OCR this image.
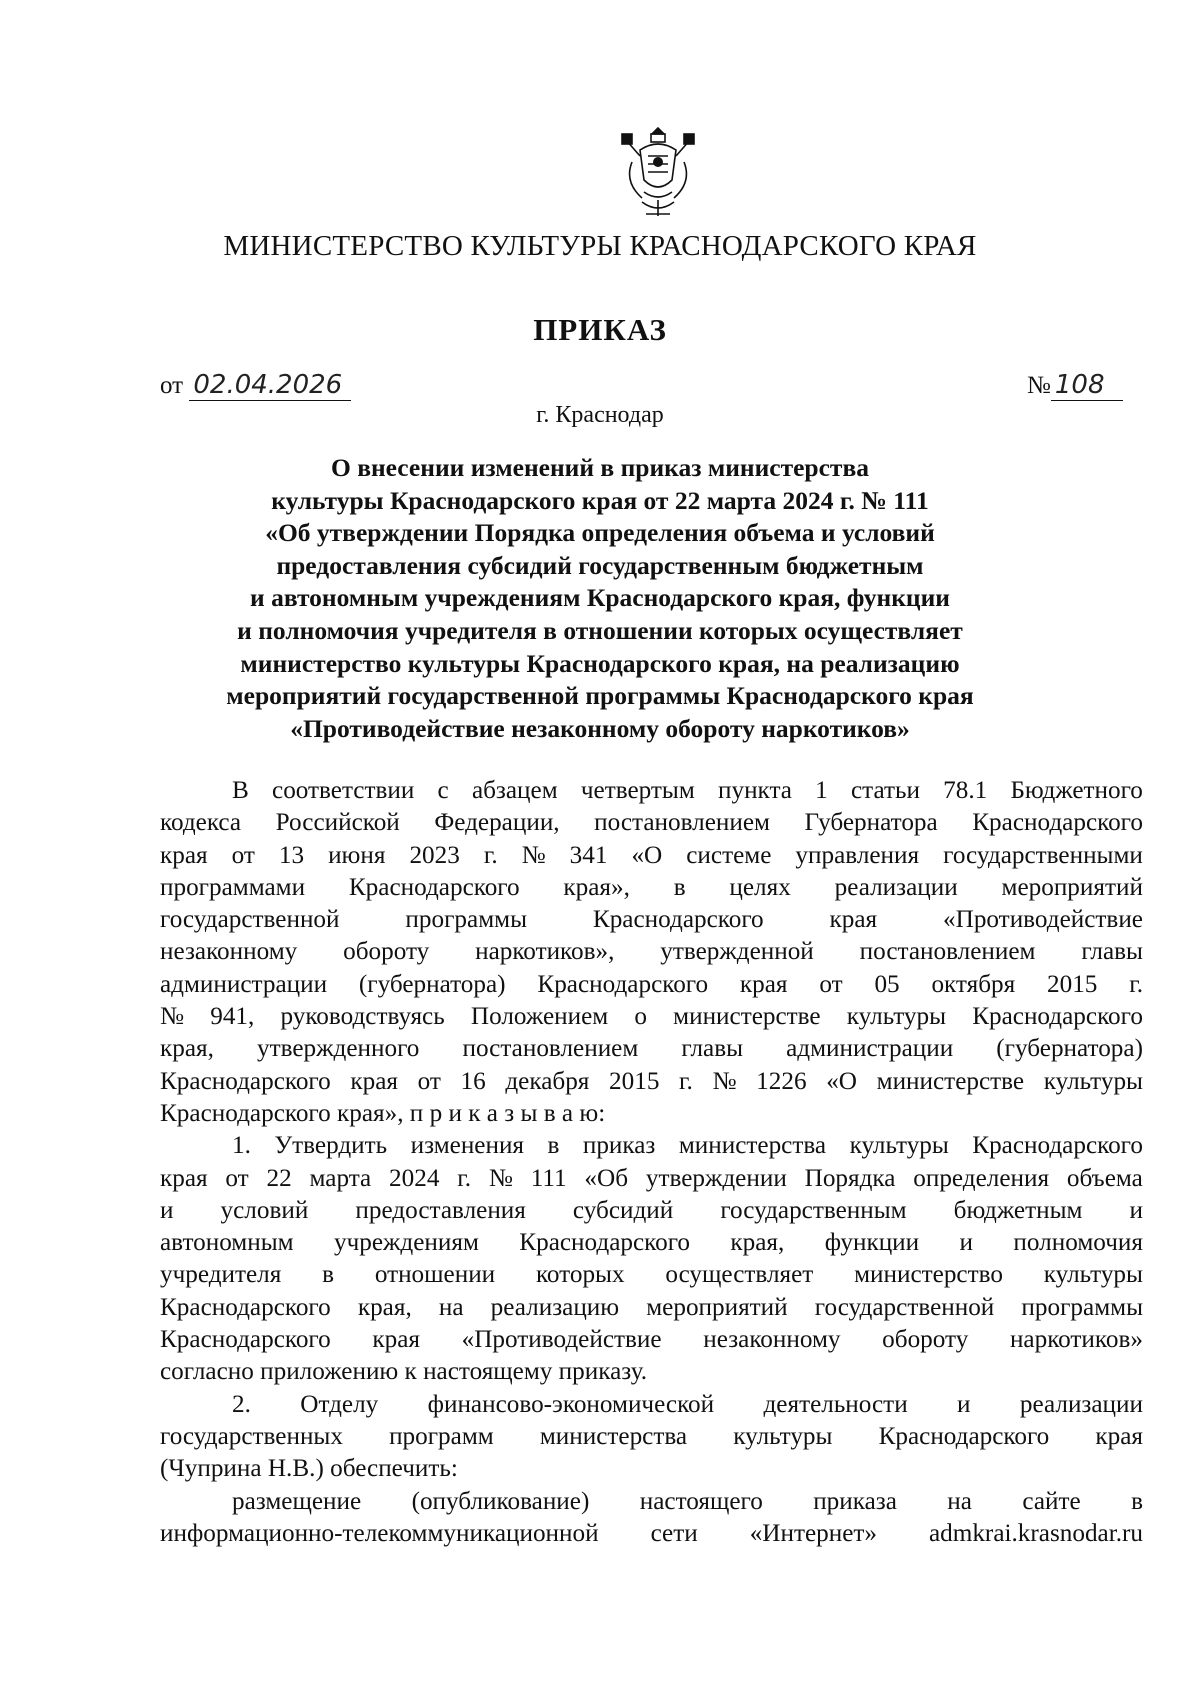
МИНИСТЕРСТВО КУЛЬТУРЫ КРАСНОДАРСКОГО КРАЯ
ПРИКАЗ
от 02.04.2026	№ 108
г. Краснодар
О внесении изменений в приказ министерства
культуры Краснодарского края от 22 марта 2024 г. № 111
«Об утверждении Порядка определения объема и условий
предоставления субсидий государственным бюджетным
и автономным учреждениям Краснодарского края, функции
и полномочия учредителя в отношении которых осуществляет
министерство культуры Краснодарского края, на реализацию
мероприятий государственной программы Краснодарского края
«Противодействие незаконному обороту наркотиков»
В соответствии с абзацем четвертым пункта 1 статьи 78.1 Бюджетного
кодекса Российской Федерации, постановлением Губернатора Краснодарского
края от 13 июня 2023 г. № 341 «О системе управления государственными
программами Краснодарского края», в целях реализации мероприятий
государственной	программы	Краснодарского	края	«Противодействие
незаконному обороту наркотиков», утвержденной постановлением главы
администрации (губернатора) Краснодарского края от 05 октября 2015 г.
№ 941, руководствуясь Положением о министерстве культуры Краснодарского
края, утвержденного постановлением главы администрации (губернатора)
Краснодарского края от 16 декабря 2015 г. № 1226 «О министерстве культуры
Краснодарского края», п р и к а з ы в а ю:
1. Утвердить изменения в приказ министерства культуры Краснодарского
края от 22 марта 2024 г. № 111 «Об утверждении Порядка определения объема
и условий предоставления субсидий государственным бюджетным и
автономным учреждениям Краснодарского края, функции и полномочия
учредителя в отношении которых осуществляет министерство культуры
Краснодарского края, на реализацию мероприятий государственной программы
Краснодарского края «Противодействие незаконному обороту наркотиков»
согласно приложению к настоящему приказу.
2. Отделу финансово-экономической деятельности и реализации
государственных программ министерства культуры Краснодарского края
(Чуприна Н.В.) обеспечить:
размещение (опубликование) настоящего приказа на сайте в
информационно-телекоммуникационной сети «Интернет» admkrai.krasnodar.ru
